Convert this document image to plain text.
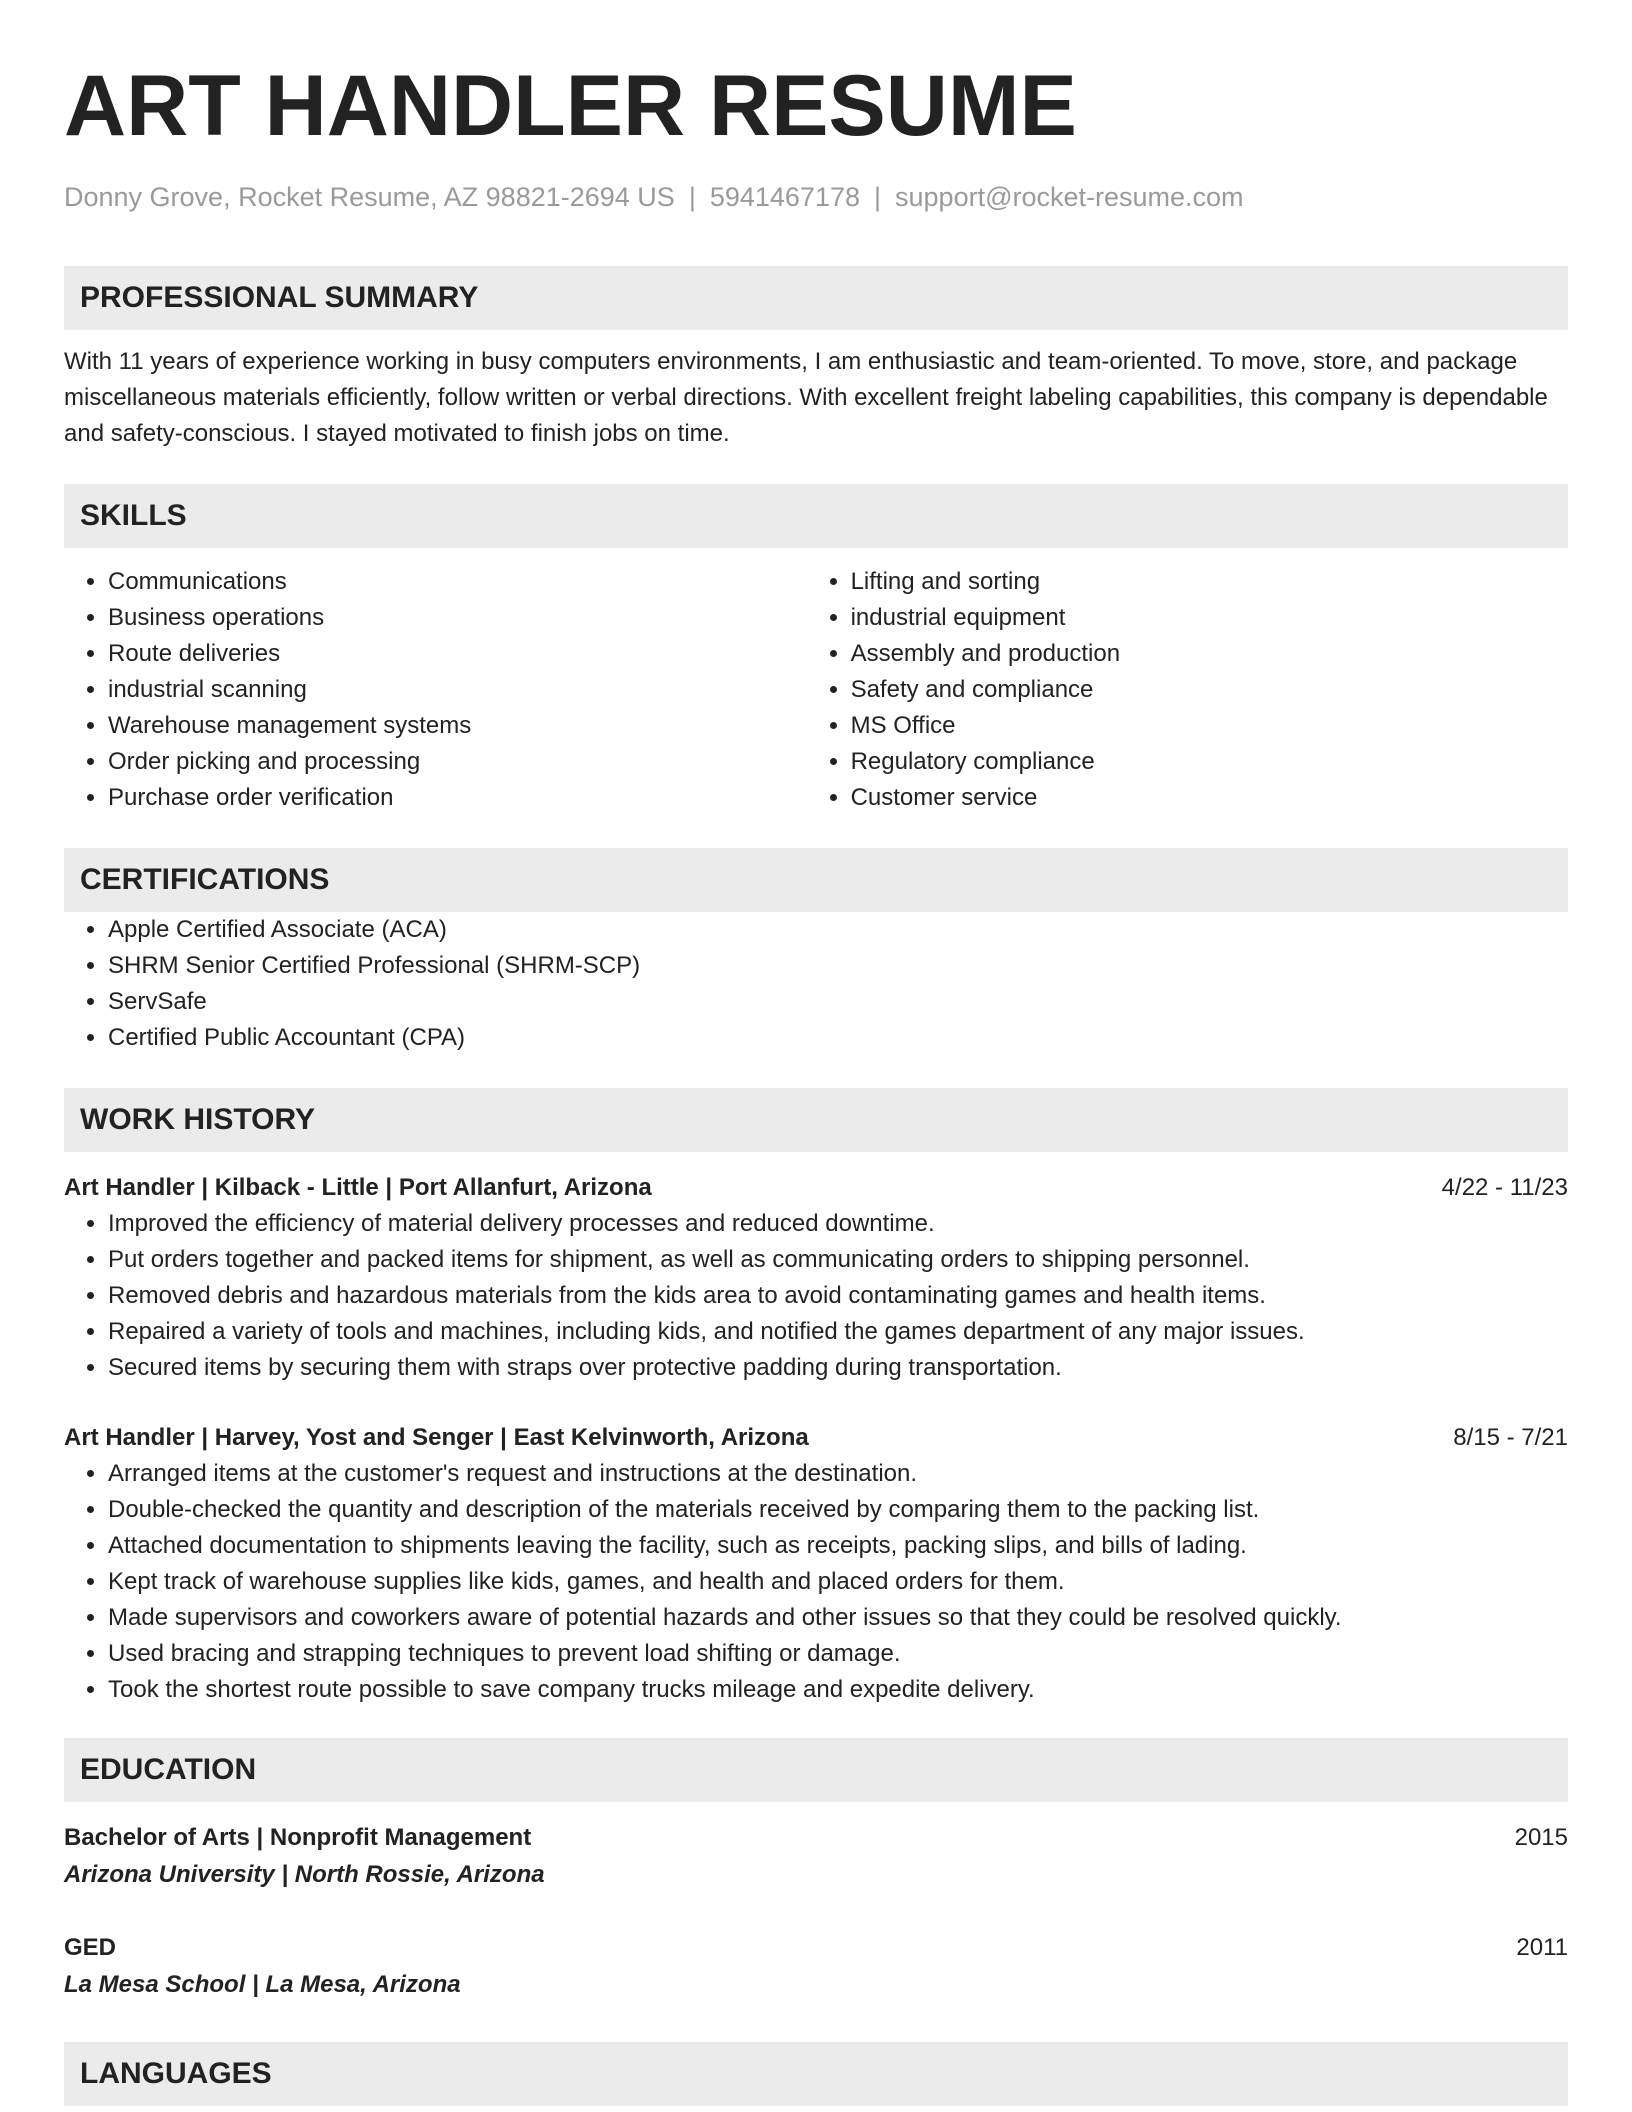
ART HANDLER RESUME
Donny Grove, Rocket Resume, AZ 98821-2694 US | 5941467178 | support@rocket-resume.com
PROFESSIONAL SUMMARY

With 11 years of experience working in busy computers environments, I am enthusiastic and team-oriented. To move, store, and package miscellaneous materials efficiently, follow written or verbal directions. With excellent freight labeling capabilities, this company is dependable and safety-conscious. I stayed motivated to finish jobs on time.

SKILLS
• Communications
• Business operations
• Route deliveries
• industrial scanning
• Warehouse management systems
• Order picking and processing
• Purchase order verification
• Lifting and sorting
• industrial equipment
• Assembly and production
• Safety and compliance
• MS Office
• Regulatory compliance
• Customer service
CERTIFICATIONS
• Apple Certified Associate (ACA)
• SHRM Senior Certified Professional (SHRM-SCP)
• ServSafe
• Certified Public Accountant (CPA)
WORK HISTORY
Art Handler | Kilback - Little | Port Allanfurt, Arizona	4/22 - 11/23
• Improved the efficiency of material delivery processes and reduced downtime.
• Put orders together and packed items for shipment, as well as communicating orders to shipping personnel.
• Removed debris and hazardous materials from the kids area to avoid contaminating games and health items.
• Repaired a variety of tools and machines, including kids, and notified the games department of any major issues.
• Secured items by securing them with straps over protective padding during transportation.
Art Handler | Harvey, Yost and Senger | East Kelvinworth, Arizona	8/15 - 7/21
• Arranged items at the customer's request and instructions at the destination.
• Double-checked the quantity and description of the materials received by comparing them to the packing list.
• Attached documentation to shipments leaving the facility, such as receipts, packing slips, and bills of lading.
• Kept track of warehouse supplies like kids, games, and health and placed orders for them.
• Made supervisors and coworkers aware of potential hazards and other issues so that they could be resolved quickly.
• Used bracing and strapping techniques to prevent load shifting or damage.
• Took the shortest route possible to save company trucks mileage and expedite delivery.
EDUCATION
Bachelor of Arts | Nonprofit Management	2015
Arizona University | North Rossie, Arizona
GED	2011
La Mesa School | La Mesa, Arizona
LANGUAGES
